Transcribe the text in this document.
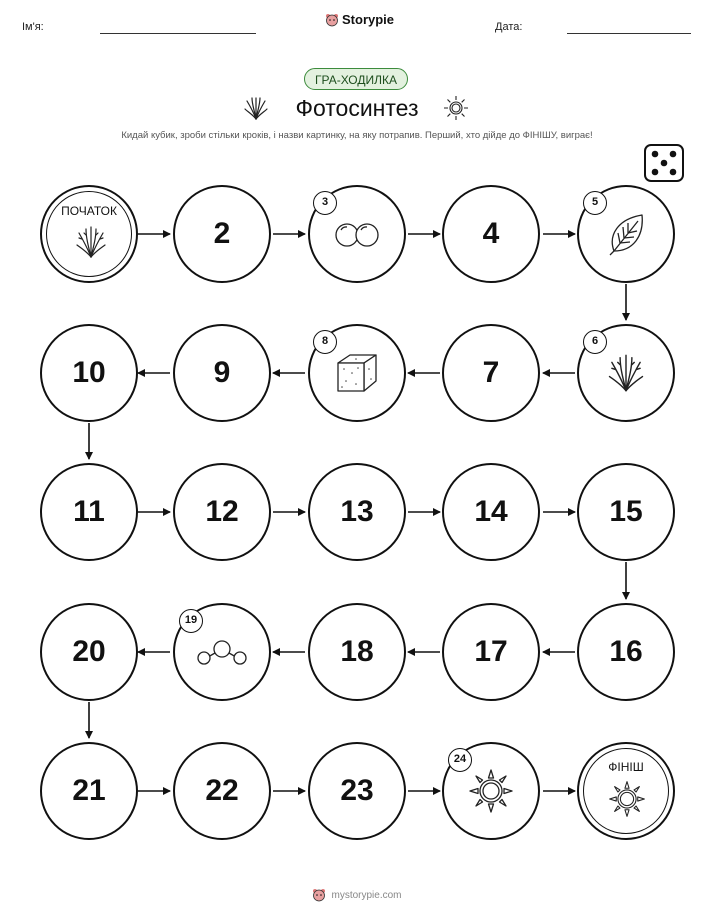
Ім'я:	Storypie	Дата:
ГРА-ХОДИЛКА
Фотосинтез
Кидай кубик, зроби стільки кроків, і назви картинку, на яку потрапив. Перший, хто дійде до ФІНІШУ, виграє!
ПОЧАТОК
2
3
4
5
10	9
8
7
6
11	12	13	14	15
20
19
18	17	16
21	22	23
24
ФІНІШ
mystorypie.com
